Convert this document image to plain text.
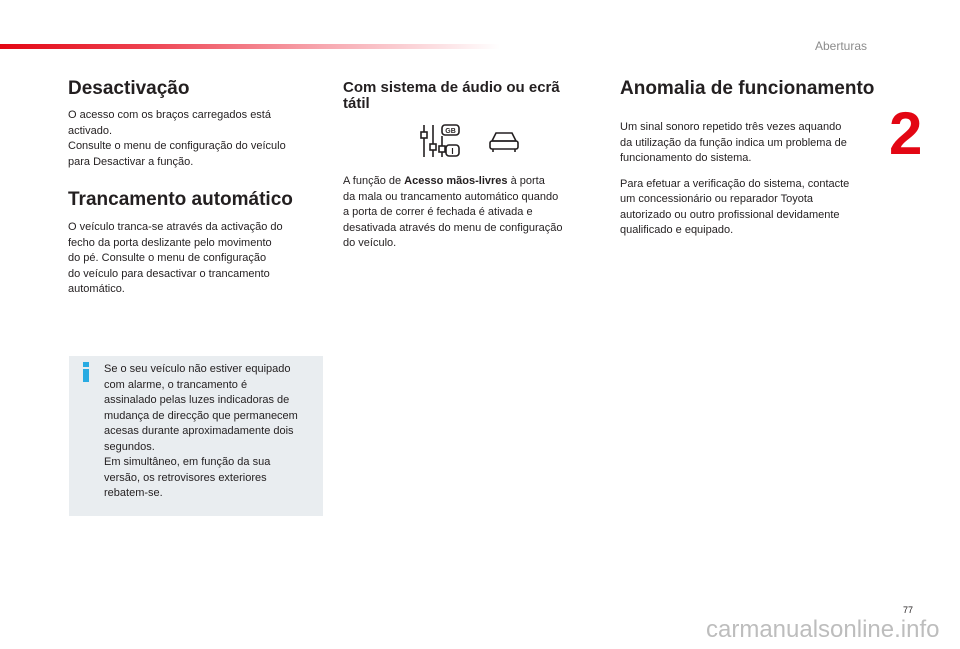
Aberturas
2
Desactivação

O acesso com os braços carregados está
activado.
Consulte o menu de configuração do veículo
para Desactivar a função.

Trancamento automático

O veículo tranca-se através da activação do
fecho da porta deslizante pelo movimento
do pé. Consulte o menu de configuração
do veículo para desactivar o trancamento
automático.

Se o seu veículo não estiver equipado
com alarme, o trancamento é
assinalado pelas luzes indicadoras de
mudança de direcção que permanecem
acesas durante aproximadamente dois
segundos.
Em simultâneo, em função da sua
versão, os retrovisores exteriores
rebatem-se.
Com sistema de áudio ou ecrã
tátil

A função de Acesso mãos-livres à porta
da mala ou trancamento automático quando
a porta de correr é fechada é ativada e
desativada através do menu de configuração
do veículo.

GB
I
Anomalia de funcionamento

Um sinal sonoro repetido três vezes aquando
da utilização da função indica um problema de
funcionamento do sistema.

Para efetuar a verificação do sistema, contacte
um concessionário ou reparador Toyota
autorizado ou outro profissional devidamente
qualificado e equipado.

77
carmanualsonline.info
